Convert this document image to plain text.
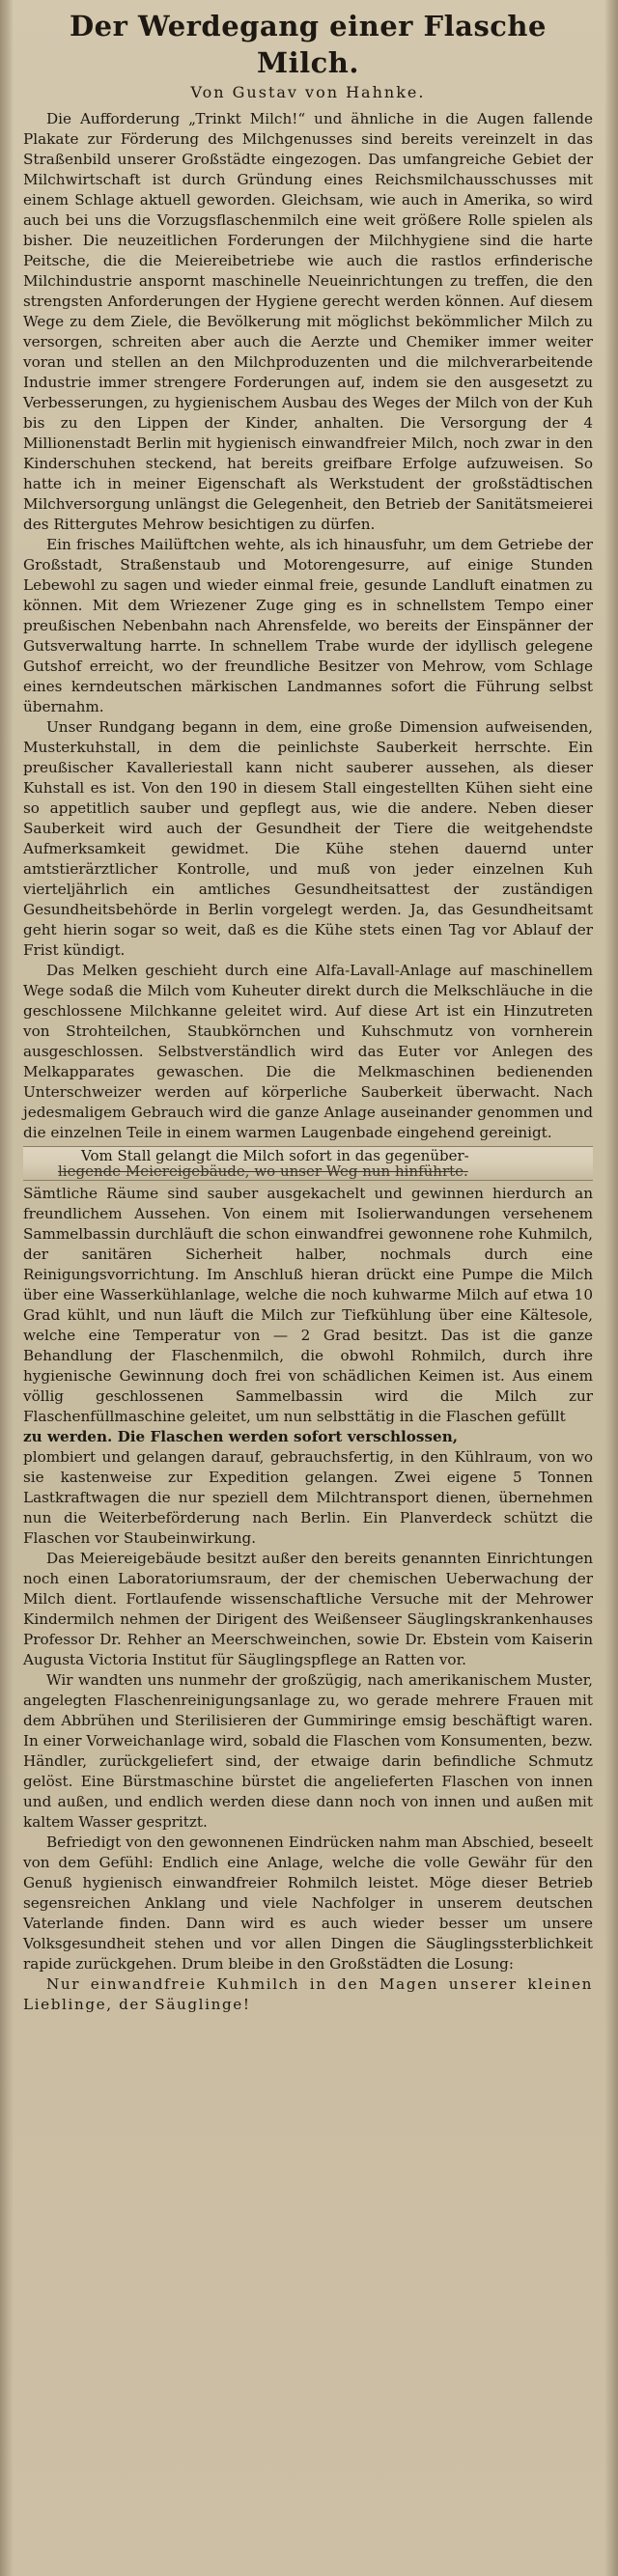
Der Werdegang einer Flasche Milch.
Von Gustav von Hahnke.

Die Aufforderung „Trinkt Milch!“ und ähnliche in die Augen fallende Plakate zur Förderung des Milchgenusses sind bereits vereinzelt in das Straßenbild unserer Großstädte eingezogen. Das umfangreiche Gebiet der Milchwirtschaft ist durch Gründung eines Reichsmilchausschusses mit einem Schlage aktuell geworden. Gleichsam, wie auch in Amerika, so wird auch bei uns die Vorzugsflaschenmilch eine weit größere Rolle spielen als bisher. Die neuzeitlichen Forderungen der Milchhygiene sind die harte Peitsche, die die Meiereibetriebe wie auch die rastlos erfinderische Milchindustrie anspornt maschinelle Neueinrichtungen zu treffen, die den strengsten Anforderungen der Hygiene gerecht werden können. Auf diesem Wege zu dem Ziele, die Bevölkerung mit möglichst bekömmlicher Milch zu versorgen, schreiten aber auch die Aerzte und Chemiker immer weiter voran und stellen an den Milchproduzenten und die milchverarbeitende Industrie immer strengere Forderungen auf, indem sie den ausgesetzt zu Verbesserungen, zu hygienischem Ausbau des Weges der Milch von der Kuh bis zu den Lippen der Kinder, anhalten. Die Versorgung der 4 Millionenstadt Berlin mit hygienisch einwandfreier Milch, noch zwar in den Kinderschuhen steckend, hat bereits greifbare Erfolge aufzuweisen. So hatte ich in meiner Eigenschaft als Werkstudent der großstädtischen Milchversorgung unlängst die Gelegenheit, den Betrieb der Sanitätsmeierei des Rittergutes Mehrow besichtigen zu dürfen.

Ein frisches Mailüftchen wehte, als ich hinausfuhr, um dem Getriebe der Großstadt, Straßenstaub und Motorengesurre, auf einige Stunden Lebewohl zu sagen und wieder einmal freie, gesunde Landluft einatmen zu können. Mit dem Wriezener Zuge ging es in schnellstem Tempo einer preußischen Nebenbahn nach Ahrensfelde, wo bereits der Einspänner der Gutsverwaltung harrte. In schnellem Trabe wurde der idyllisch gelegene Gutshof erreicht, wo der freundliche Besitzer von Mehrow, vom Schlage eines kerndeutschen märkischen Landmannes sofort die Führung selbst übernahm.

Unser Rundgang begann in dem, eine große Dimension aufweisenden, Musterkuhstall, in dem die peinlichste Sauberkeit herrschte. Ein preußischer Kavalleriestall kann nicht sauberer aussehen, als dieser Kuhstall es ist. Von den 190 in diesem Stall eingestellten Kühen sieht eine so appetitlich sauber und gepflegt aus, wie die andere. Neben dieser Sauberkeit wird auch der Gesundheit der Tiere die weitgehendste Aufmerksamkeit gewidmet. Die Kühe stehen dauernd unter amtstierärztlicher Kontrolle, und muß von jeder einzelnen Kuh vierteljährlich ein amtliches Gesundheitsattest der zuständigen Gesundheitsbehörde in Berlin vorgelegt werden. Ja, das Gesundheitsamt geht hierin sogar so weit, daß es die Kühe stets einen Tag vor Ablauf der Frist kündigt.

Das Melken geschieht durch eine Alfa-Lavall-Anlage auf maschinellem Wege sodaß die Milch vom Kuheuter direkt durch die Melkschläuche in die geschlossene Milchkanne geleitet wird. Auf diese Art ist ein Hinzutreten von Strohteilchen, Staubkörnchen und Kuhschmutz von vornherein ausgeschlossen. Selbstverständlich wird das Euter vor Anlegen des Melkapparates gewaschen. Die die Melkmaschinen bedienenden Unterschweizer werden auf körperliche Sauberkeit überwacht. Nach jedesmaligem Gebrauch wird die ganze Anlage auseinander genommen und die einzelnen Teile in einem warmen Laugenbade eingehend gereinigt.

Vom Stall gelangt die Milch sofort in das gegenüber-
liegende Meiereigebäude, wo unser Weg nun hinführte.

Sämtliche Räume sind sauber ausgekachelt und gewinnen hierdurch an freundlichem Aussehen. Von einem mit Isolierwandungen versehenem Sammelbassin durchläuft die schon einwandfrei gewonnene rohe Kuhmilch, der sanitären Sicherheit halber, nochmals durch eine Reinigungsvorrichtung. Im Anschluß hieran drückt eine Pumpe die Milch über eine Wasserkühlanlage, welche die noch kuhwarme Milch auf etwa 10 Grad kühlt, und nun läuft die Milch zur Tiefkühlung über eine Kältesole, welche eine Temperatur von — 2 Grad besitzt. Das ist die ganze Behandlung der Flaschenmilch, die obwohl Rohmilch, durch ihre hygienische Gewinnung doch frei von schädlichen Keimen ist. Aus einem völlig geschlossenen Sammelbassin wird die Milch zur Flaschenfüllmaschine geleitet, um nun selbsttätig in die Flaschen gefüllt

zu werden. Die Flaschen werden sofort verschlossen,

plombiert und gelangen darauf, gebrauchsfertig, in den Kühlraum, von wo sie kastenweise zur Expedition gelangen. Zwei eigene 5 Tonnen Lastkraftwagen die nur speziell dem Milchtransport dienen, übernehmen nun die Weiterbeförderung nach Berlin. Ein Planverdeck schützt die Flaschen vor Staubeinwirkung.

Das Meiereigebäude besitzt außer den bereits genannten Einrichtungen noch einen Laboratoriumsraum, der der chemischen Ueberwachung der Milch dient. Fortlaufende wissenschaftliche Versuche mit der Mehrower Kindermilch nehmen der Dirigent des Weißenseer Säuglingskrankenhauses Professor Dr. Rehher an Meerschweinchen, sowie Dr. Ebstein vom Kaiserin Augusta Victoria Institut für Säuglingspflege an Ratten vor.

Wir wandten uns nunmehr der großzügig, nach amerikanischem Muster, angelegten Flaschenreinigungsanlage zu, wo gerade mehrere Frauen mit dem Abbrühen und Sterilisieren der Gummiringe emsig beschäftigt waren. In einer Vorweichanlage wird, sobald die Flaschen vom Konsumenten, bezw. Händler, zurückgeliefert sind, der etwaige darin befindliche Schmutz gelöst. Eine Bürstmaschine bürstet die angelieferten Flaschen von innen und außen, und endlich werden diese dann noch von innen und außen mit kaltem Wasser gespritzt.

Befriedigt von den gewonnenen Eindrücken nahm man Abschied, beseelt von dem Gefühl: Endlich eine Anlage, welche die volle Gewähr für den Genuß hygienisch einwandfreier Rohmilch leistet. Möge dieser Betrieb segensreichen Anklang und viele Nachfolger in unserem deutschen Vaterlande finden. Dann wird es auch wieder besser um unsere Volksgesundheit stehen und vor allen Dingen die Säuglingssterblichkeit rapide zurückgehen. Drum bleibe in den Großstädten die Losung:

Nur einwandfreie Kuhmilch in den Magen unserer kleinen Lieblinge, der Säuglinge!
